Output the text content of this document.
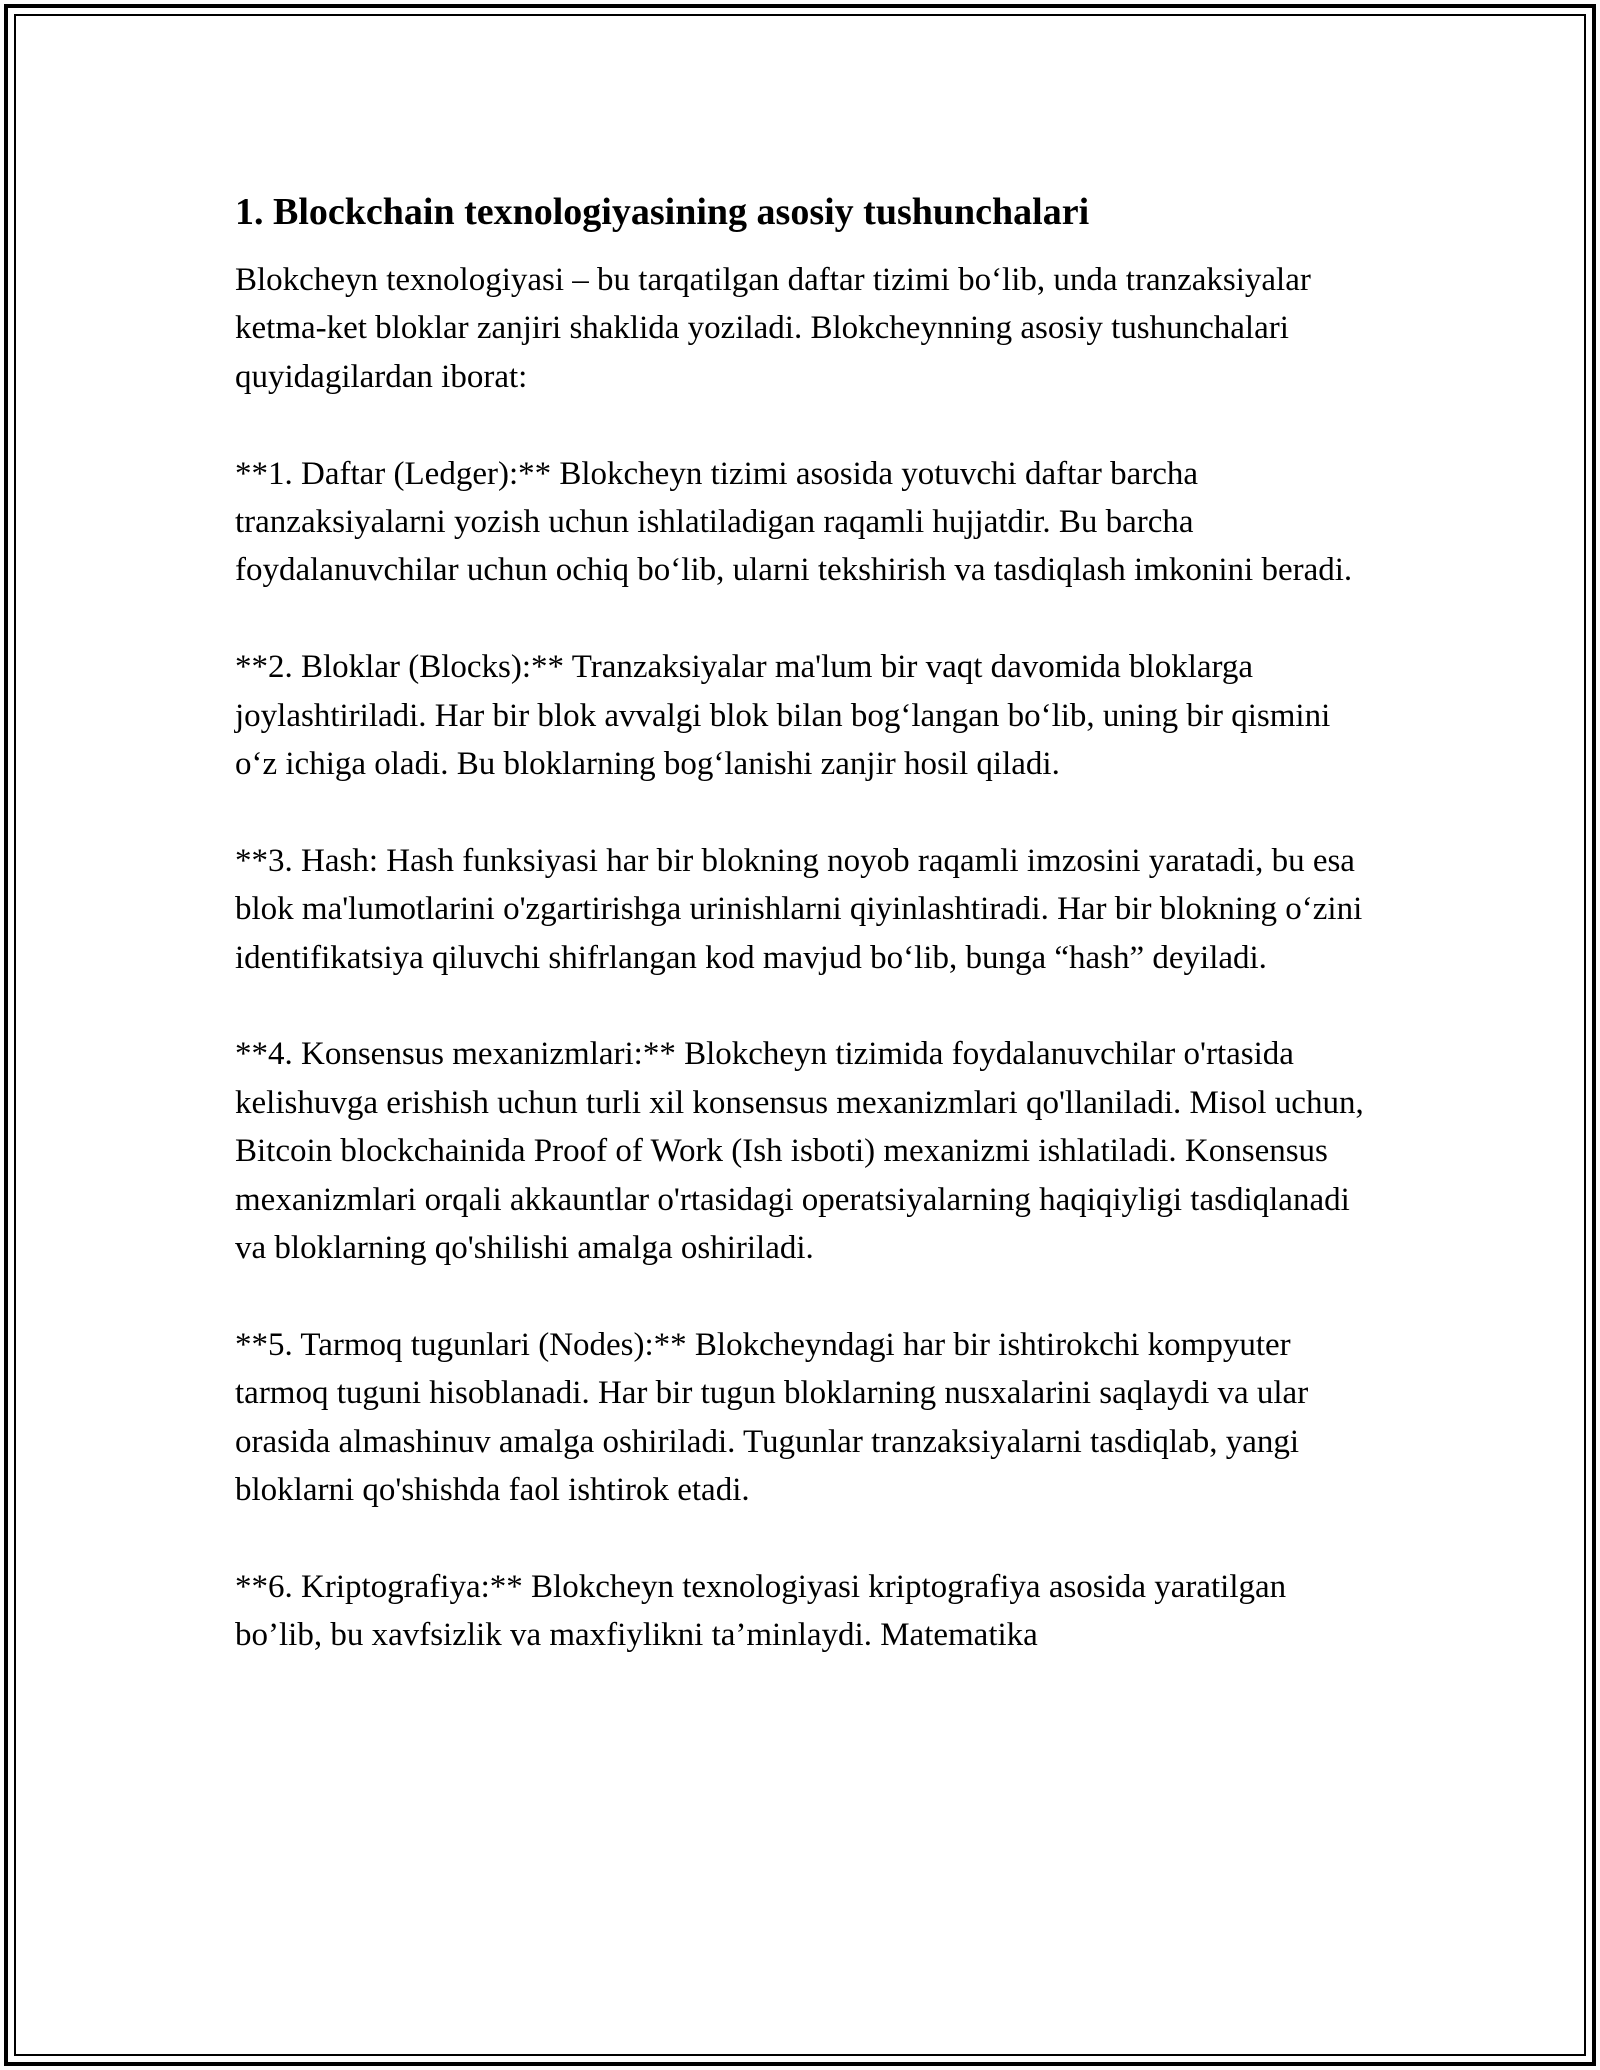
1. Blockchain texnologiyasining asosiy tushunchalari

Blokcheyn texnologiyasi – bu tarqatilgan daftar tizimi bo‘lib, unda tranzaksiyalar ketma-ket bloklar zanjiri shaklida yoziladi. Blokcheynning asosiy tushunchalari quyidagilardan iborat:

**1. Daftar (Ledger):** Blokcheyn tizimi asosida yotuvchi daftar barcha tranzaksiyalarni yozish uchun ishlatiladigan raqamli hujjatdir. Bu barcha foydalanuvchilar uchun ochiq bo‘lib, ularni tekshirish va tasdiqlash imkonini beradi.

**2. Bloklar (Blocks):** Tranzaksiyalar ma'lum bir vaqt davomida bloklarga joylashtiriladi. Har bir blok avvalgi blok bilan bog‘langan bo‘lib, uning bir qismini o‘z ichiga oladi. Bu bloklarning bog‘lanishi zanjir hosil qiladi.

**3. Hash: Hash funksiyasi har bir blokning noyob raqamli imzosini yaratadi, bu esa blok ma'lumotlarini o'zgartirishga urinishlarni qiyinlashtiradi. Har bir blokning o‘zini identifikatsiya qiluvchi shifrlangan kod mavjud bo‘lib, bunga “hash” deyiladi.

**4. Konsensus mexanizmlari:** Blokcheyn tizimida foydalanuvchilar o'rtasida kelishuvga erishish uchun turli xil konsensus mexanizmlari qo'llaniladi. Misol uchun, Bitcoin blockchainida Proof of Work (Ish isboti) mexanizmi ishlatiladi. Konsensus mexanizmlari orqali akkauntlar o'rtasidagi operatsiyalarning haqiqiyligi tasdiqlanadi va bloklarning qo'shilishi amalga oshiriladi.

**5. Tarmoq tugunlari (Nodes):** Blokcheyndagi har bir ishtirokchi kompyuter tarmoq tuguni hisoblanadi. Har bir tugun bloklarning nusxalarini saqlaydi va ular orasida almashinuv amalga oshiriladi. Tugunlar tranzaksiyalarni tasdiqlab, yangi bloklarni qo'shishda faol ishtirok etadi.

**6. Kriptografiya:** Blokcheyn texnologiyasi kriptografiya asosida yaratilgan bo’lib, bu xavfsizlik va maxfiylikni ta’minlaydi. Matematika
